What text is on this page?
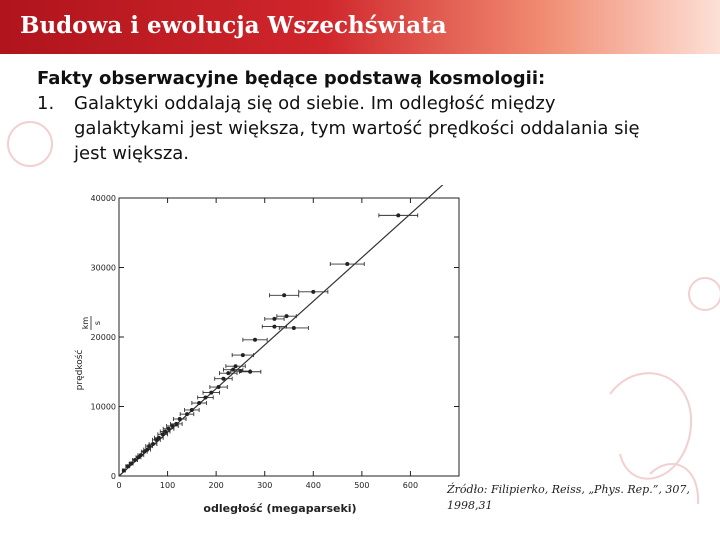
Budowa i ewolucja Wszechświata
Fakty obserwacyjne będące podstawą kosmologii:
1.	Galaktyki oddalają się od siebie. Im odległość między galaktykami jest większa, tym wartość prędkości oddalania się jest większa.
0	100	200	300	400	500	600
0
10000
20000
30000
40000
odległość (megaparseki)
prędkość
km s
Źródło: Filipierko, Reiss, „Phys. Rep.”, 307, 1998,31
